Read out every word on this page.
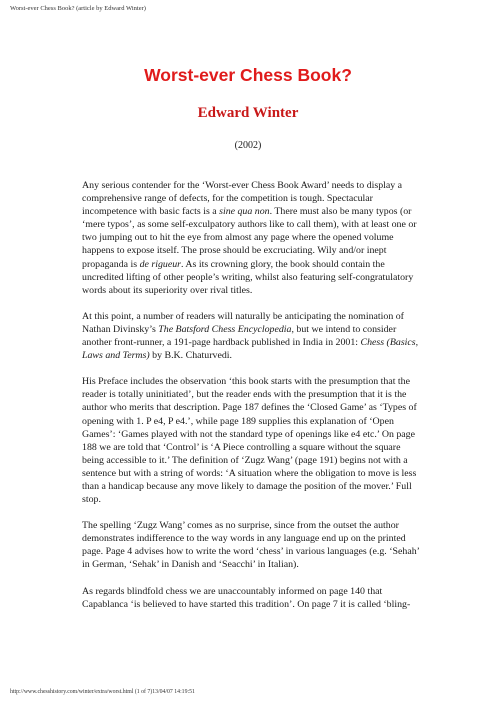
Worst-ever Chess Book? (article by Edward Winter)
Worst-ever Chess Book?
Edward Winter
(2002)

Any serious contender for the ‘Worst-ever Chess Book Award’ needs to display a comprehensive range of defects, for the competition is tough. Spectacular incompetence with basic facts is a sine qua non. There must also be many typos (or ‘mere typos’, as some self-exculpatory authors like to call them), with at least one or two jumping out to hit the eye from almost any page where the opened volume happens to expose itself. The prose should be excruciating. Wily and/or inept propaganda is de rigueur. As its crowning glory, the book should contain the uncredited lifting of other people’s writing, whilst also featuring self-congratulatory words about its superiority over rival titles.

At this point, a number of readers will naturally be anticipating the nomination of Nathan Divinsky’s The Batsford Chess Encyclopedia, but we intend to consider another front-runner, a 191-page hardback published in India in 2001: Chess (Basics, Laws and Terms) by B.K. Chaturvedi.

His Preface includes the observation ‘this book starts with the presumption that the reader is totally uninitiated’, but the reader ends with the presumption that it is the author who merits that description. Page 187 defines the ‘Closed Game’ as ‘Types of opening with 1. P e4, P e4.’, while page 189 supplies this explanation of ‘Open Games’: ‘Games played with not the standard type of openings like e4 etc.’ On page 188 we are told that ‘Control’ is ‘A Piece controlling a square without the square being accessible to it.’ The definition of ‘Zugz Wang’ (page 191) begins not with a sentence but with a string of words: ‘A situation where the obligation to move is less than a handicap because any move likely to damage the position of the mover.’ Full stop.

The spelling ‘Zugz Wang’ comes as no surprise, since from the outset the author demonstrates indifference to the way words in any language end up on the printed page. Page 4 advises how to write the word ‘chess’ in various languages (e.g. ‘Sehah’ in German, ‘Sehak’ in Danish and ‘Seacchi’ in Italian).

As regards blindfold chess we are unaccountably informed on page 140 that Capablanca ‘is believed to have started this tradition’. On page 7 it is called ‘bling-

http://www.chesshistory.com/winter/extra/worst.html (1 of 7)13/04/07 14:19:51
